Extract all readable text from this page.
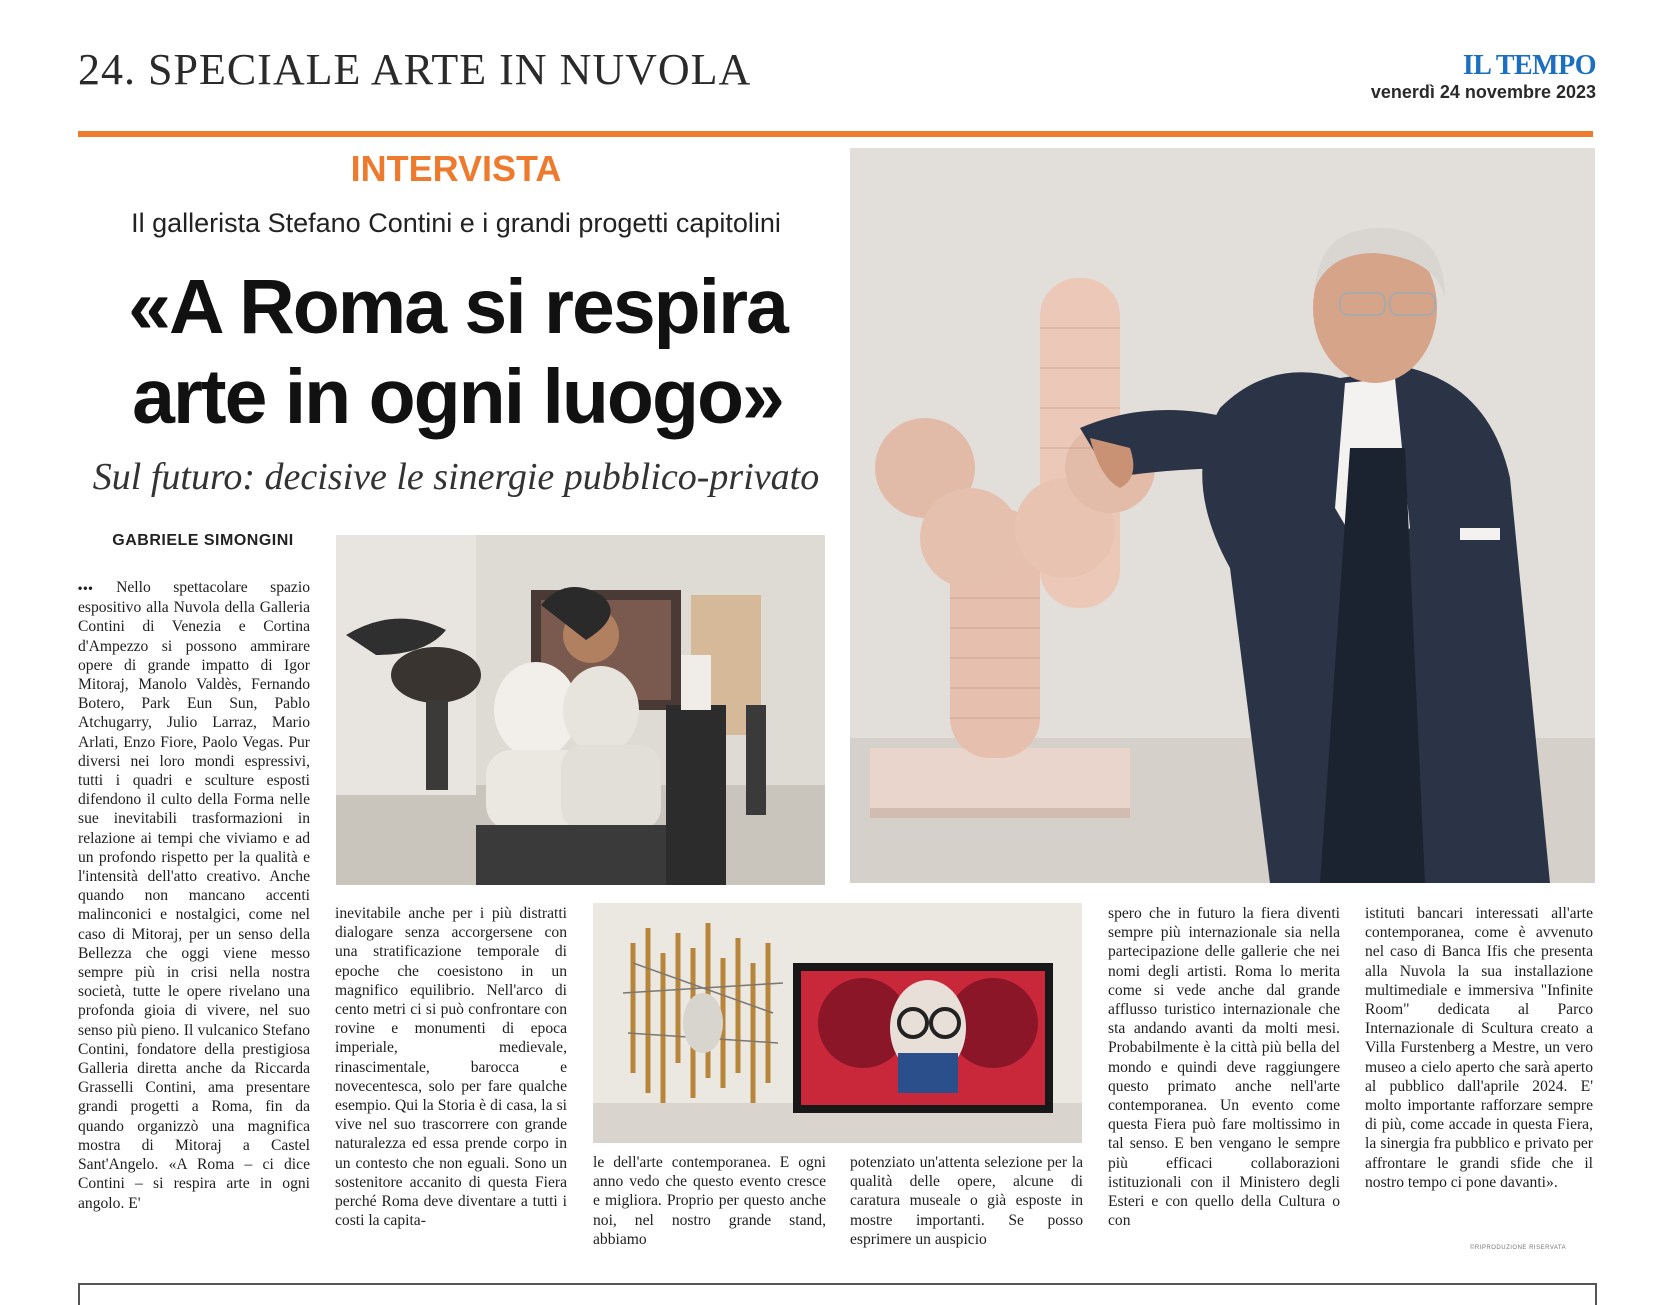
24. SPECIALE ARTE IN NUVOLA	IL TEMPO
venerdì 24 novembre 2023
INTERVISTA
Il gallerista Stefano Contini e i grandi progetti capitolini
«A Roma si respira
arte in ogni luogo»
Sul futuro: decisive le sinergie pubblico-privato
GABRIELE SIMONGINI
••• Nello spettacolare spazio espositivo alla Nuvola della Galleria Contini di Venezia e Cortina d'Ampezzo si possono ammirare opere di grande impatto di Igor Mitoraj, Manolo Valdès, Fernando Botero, Park Eun Sun, Pablo Atchugarry, Julio Larraz, Mario Arlati, Enzo Fiore, Paolo Vegas. Pur diversi nei loro mondi espressivi, tutti i quadri e sculture esposti difendono il culto della Forma nelle sue inevitabili trasformazioni in relazione ai tempi che viviamo e ad un profondo rispetto per la qualità e l'intensità dell'atto creativo. Anche quando non mancano accenti malinconici e nostalgici, come nel caso di Mitoraj, per un senso della Bellezza che oggi viene messo sempre più in crisi nella nostra società, tutte le opere rivelano una profonda gioia di vivere, nel suo senso più pieno. Il vulcanico Stefano Contini, fondatore della prestigiosa Galleria diretta anche da Riccarda Grasselli Contini, ama presentare grandi progetti a Roma, fin da quando organizzò una magnifica mostra di Mitoraj a Castel Sant'Angelo. «A Roma – ci dice Contini – si respira arte in ogni angolo. E'
inevitabile anche per i più distratti dialogare senza accorgersene con una stratificazione temporale di epoche che coesistono in un magnifico equilibrio. Nell'arco di cento metri ci si può confrontare con rovine e monumenti di epoca imperiale, medievale, rinascimentale, barocca e novecentesca, solo per fare qualche esempio. Qui la Storia è di casa, la si vive nel suo trascorrere con grande naturalezza ed essa prende corpo in un contesto che non eguali. Sono un sostenitore accanito di questa Fiera perché Roma deve diventare a tutti i costi la capita-
le dell'arte contemporanea. E ogni anno vedo che questo evento cresce e migliora. Proprio per questo anche noi, nel nostro grande stand, abbiamo
potenziato un'attenta selezione per la qualità delle opere, alcune di caratura museale o già esposte in mostre importanti. Se posso esprimere un auspicio
spero che in futuro la fiera diventi sempre più internazionale sia nella partecipazione delle gallerie che nei nomi degli artisti. Roma lo merita come si vede anche dal grande afflusso turistico internazionale che sta andando avanti da molti mesi. Probabilmente è la città più bella del mondo e quindi deve raggiungere questo primato anche nell'arte contemporanea. Un evento come questa Fiera può fare moltissimo in tal senso. E ben vengano le sempre più efficaci collaborazioni istituzionali con il Ministero degli Esteri e con quello della Cultura o con
istituti bancari interessati all'arte contemporanea, come è avvenuto nel caso di Banca Ifis che presenta alla Nuvola la sua installazione multimediale e immersiva "Infinite Room" dedicata al Parco Internazionale di Scultura creato a Villa Furstenberg a Mestre, un vero museo a cielo aperto che sarà aperto al pubblico dall'aprile 2024. E' molto importante rafforzare sempre di più, come accade in questa Fiera, la sinergia fra pubblico e privato per affrontare le grandi sfide che il nostro tempo ci pone davanti».
©RIPRODUZIONE RISERVATA
